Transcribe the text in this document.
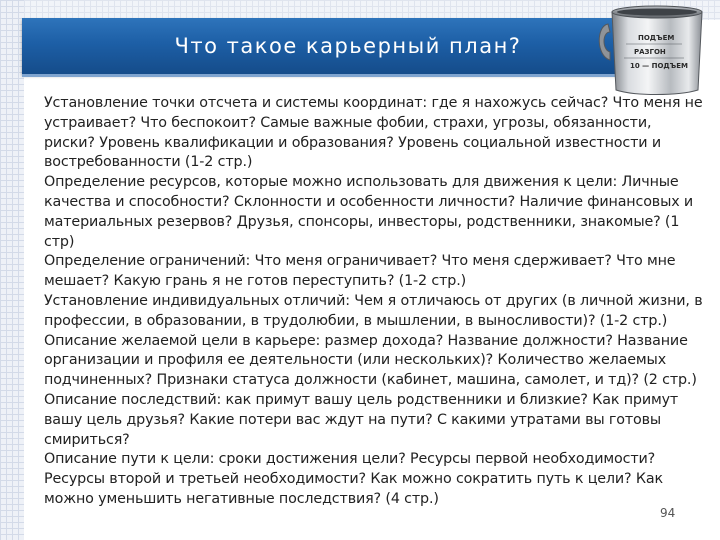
Что такое карьерный план?	ПОДЪЕМ
РАЗГОН
10 — ПОДЪЕМ
Установление точки отсчета и системы координат: где я нахожусь сейчас? Что меня не устраивает? Что беспокоит? Самые важные фобии, страхи, угрозы, обязанности, риски? Уровень квалификации и образования? Уровень социальной известности и востребованности (1-2 стр.)
Определение ресурсов, которые можно использовать для движения к цели: Личные качества и способности? Склонности и особенности личности? Наличие финансовых и материальных резервов? Друзья, спонсоры, инвесторы, родственники, знакомые? (1 стр)
Определение ограничений: Что меня ограничивает? Что меня сдерживает? Что мне мешает? Какую грань я не готов переступить? (1-2 стр.)
Установление индивидуальных отличий: Чем я отличаюсь от других (в личной жизни, в профессии, в образовании, в трудолюбии, в мышлении, в выносливости)? (1-2 стр.)
Описание желаемой цели в карьере: размер дохода? Название должности? Название организации и профиля ее деятельности (или нескольких)? Количество желаемых подчиненных? Признаки статуса должности (кабинет, машина, самолет, и тд)? (2 стр.)
Описание последствий: как примут вашу цель родственники и близкие? Как примут вашу цель друзья? Какие потери вас ждут на пути? С какими утратами вы готовы смириться?
Описание пути к цели: сроки достижения цели? Ресурсы первой необходимости? Ресурсы второй и третьей необходимости? Как можно сократить путь к цели? Как можно уменьшить негативные последствия? (4 стр.)
94
